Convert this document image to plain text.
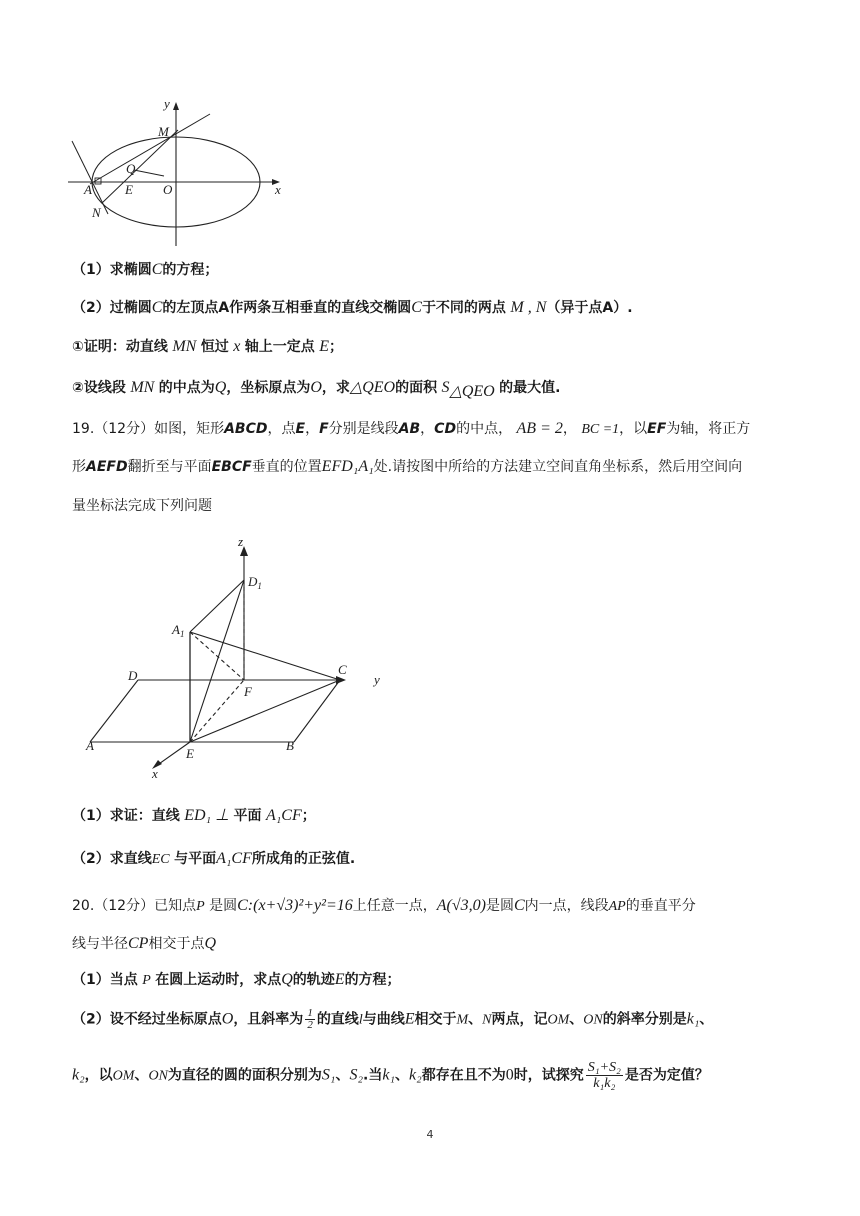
y
x
M
Q
A	E O
N
（1）求椭圆C的方程；
（2）过椭圆C的左顶点A作两条互相垂直的直线交椭圆C于不同的两点 M , N（异于点A）.
①证明：动直线 MN 恒过 x 轴上一定点 E；
②设线段 MN 的中点为Q，坐标原点为O，求△QEO的面积 $S_{\triangle QEO}$ 的最大值.
19.（12分）如图，矩形ABCD，点E，F分别是线段AB，CD的中点， AB = 2， BC =1，以EF为轴，将正方
形AEFD翻折至与平面EBCF垂直的位置EFD₁A₁处.请按图中所给的方法建立空间直角坐标系，然后用空间向
量坐标法完成下列问题
z
$D_1$
$A_1$
D	C
y
F
A
E
B
x
（1）求证：直线 ED₁ ⊥ 平面 A₁CF；
（2）求直线EC 与平面A₁CF所成角的正弦值.
20.（12分）已知点P 是圆C:(x+√3)²+y²=16上任意一点，A(√3,0)是圆C内一点，线段AP的垂直平分
线与半径CP相交于点Q
（1）当点 P 在圆上运动时，求点Q的轨迹E的方程；
（2）设不经过坐标原点O，且斜率为 $\frac{1}{2}$ 的直线l与曲线E相交于M、N两点，记OM、ON的斜率分别是k₁、
k₂，以OM、ON为直径的圆的面积分别为S₁、S₂.当k₁、k₂都存在且不为0时，试探究 $\frac{\text{S₁+S₂}}{\text{k₁k₂}}$ 是否为定值？
4
